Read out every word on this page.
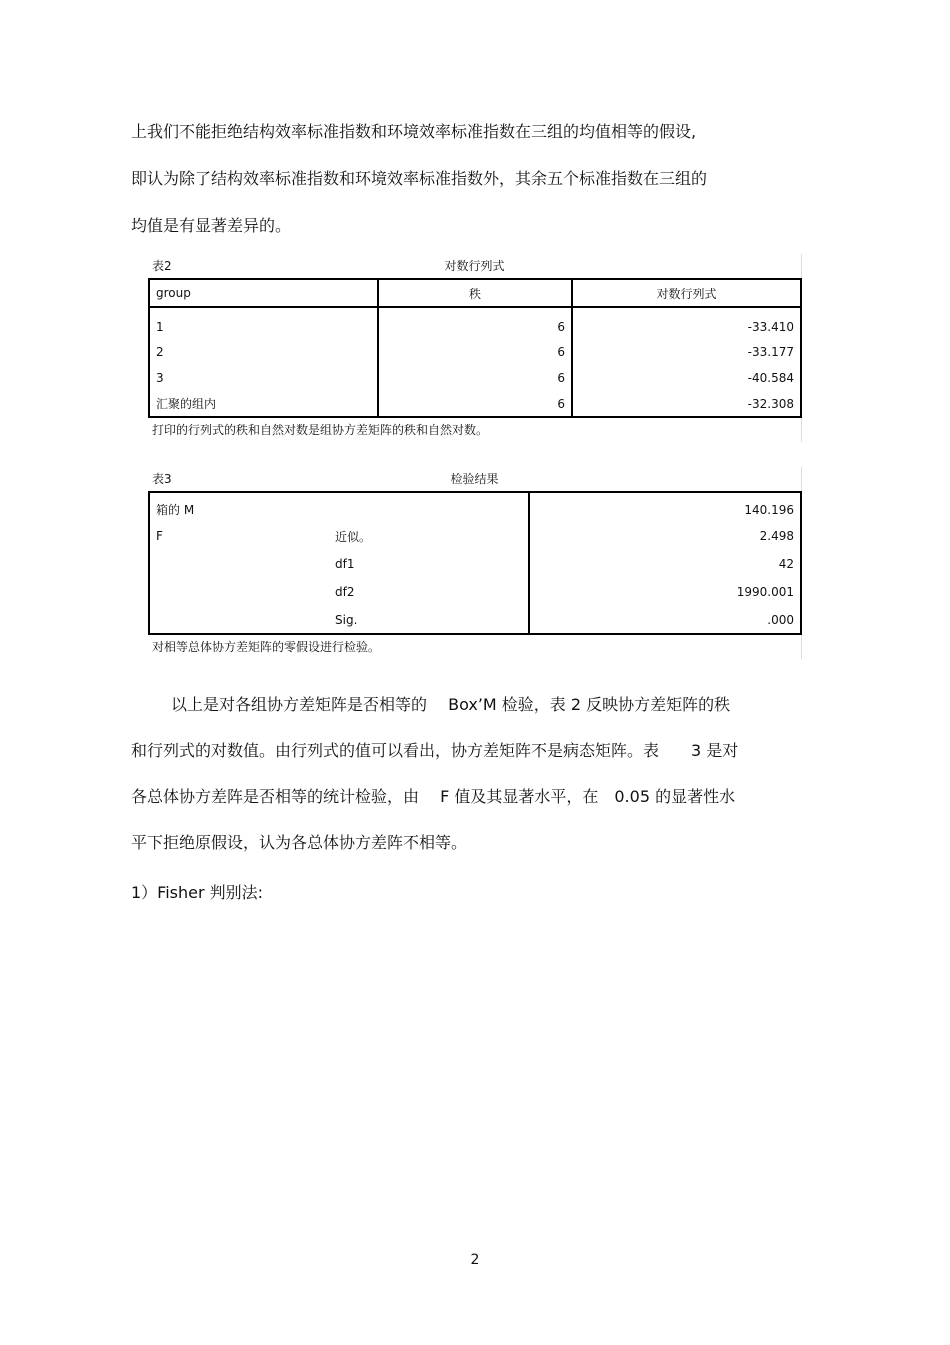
上我们不能拒绝结构效率标准指数和环境效率标准指数在三组的均值相等的假设,
即认为除了结构效率标准指数和环境效率标准指数外，其余五个标准指数在三组的
均值是有显著差异的。
表2	对数行列式
group	秩	对数行列式
1	6	-33.410
2	6	-33.177
3	6	-40.584
汇聚的组内	6	-32.308
打印的行列式的秩和自然对数是组协方差矩阵的秩和自然对数。
表3	检验结果
箱的 M		140.196
F	近似。	2.498
	df1	42
	df2	1990.001
	Sig.	.000
对相等总体协方差矩阵的零假设进行检验。
以上是对各组协方差矩阵是否相等的　 Box’M 检验，表 2 反映协方差矩阵的秩
和行列式的对数值。由行列式的值可以看出，协方差矩阵不是病态矩阵。表　　3 是对
各总体协方差阵是否相等的统计检验，由　 F 值及其显著水平，在　0.05 的显著性水
平下拒绝原假设，认为各总体协方差阵不相等。
1）Fisher 判别法:
2
